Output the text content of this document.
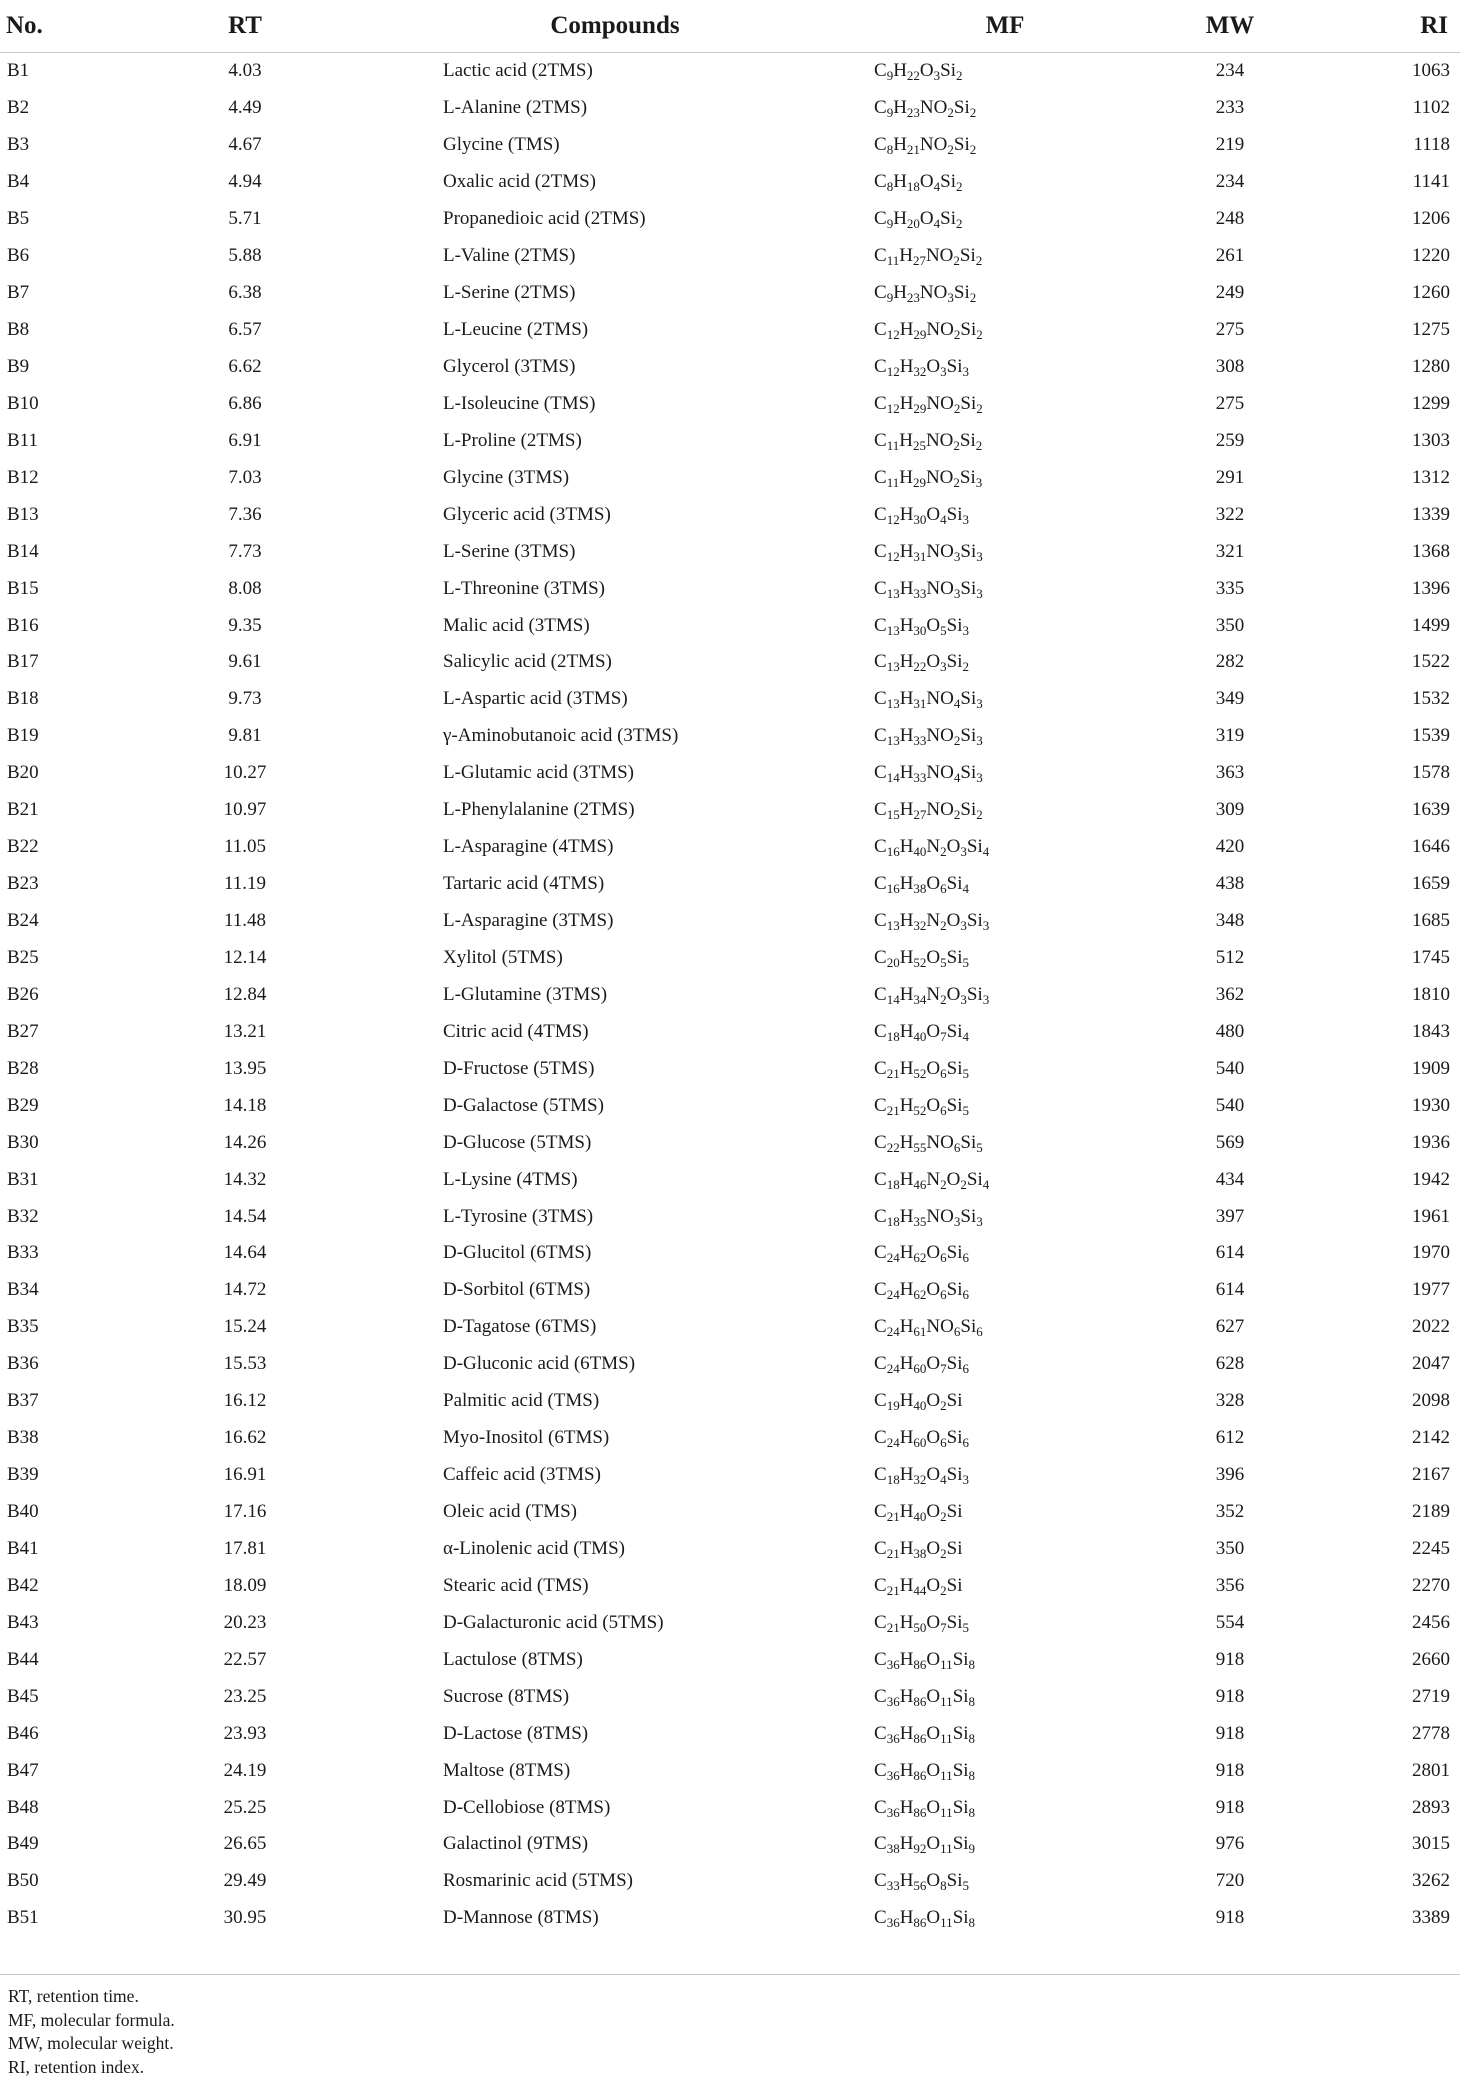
No.	RT	Compounds	MF	MW	RI
B1	4.03	Lactic acid (2TMS)	$C_9H_{22}O_3Si_2$	234	1063
B2	4.49	L-Alanine (2TMS)	$C_9H_{23}NO_2Si_2$	233	1102
B3	4.67	Glycine (TMS)	$C_8H_{21}NO_2Si_2$	219	1118
B4	4.94	Oxalic acid (2TMS)	$C_8H_{18}O_4Si_2$	234	1141
B5	5.71	Propanedioic acid (2TMS)	$C_9H_{20}O_4Si_2$	248	1206
B6	5.88	L-Valine (2TMS)	$C_{11}H_{27}NO_2Si_2$	261	1220
B7	6.38	L-Serine (2TMS)	$C_9H_{23}NO_3Si_2$	249	1260
B8	6.57	L-Leucine (2TMS)	$C_{12}H_{29}NO_2Si_2$	275	1275
B9	6.62	Glycerol (3TMS)	$C_{12}H_{32}O_3Si_3$	308	1280
B10	6.86	L-Isoleucine (TMS)	$C_{12}H_{29}NO_2Si_2$	275	1299
B11	6.91	L-Proline (2TMS)	$C_{11}H_{25}NO_2Si_2$	259	1303
B12	7.03	Glycine (3TMS)	$C_{11}H_{29}NO_2Si_3$	291	1312
B13	7.36	Glyceric acid (3TMS)	$C_{12}H_{30}O_4Si_3$	322	1339
B14	7.73	L-Serine (3TMS)	$C_{12}H_{31}NO_3Si_3$	321	1368
B15	8.08	L-Threonine (3TMS)	$C_{13}H_{33}NO_3Si_3$	335	1396
B16	9.35	Malic acid (3TMS)	$C_{13}H_{30}O_5Si_3$	350	1499
B17	9.61	Salicylic acid (2TMS)	$C_{13}H_{22}O_3Si_2$	282	1522
B18	9.73	L-Aspartic acid (3TMS)	$C_{13}H_{31}NO_4Si_3$	349	1532
B19	9.81	γ-Aminobutanoic acid (3TMS)	$C_{13}H_{33}NO_2Si_3$	319	1539
B20	10.27	L-Glutamic acid (3TMS)	$C_{14}H_{33}NO_4Si_3$	363	1578
B21	10.97	L-Phenylalanine (2TMS)	$C_{15}H_{27}NO_2Si_2$	309	1639
B22	11.05	L-Asparagine (4TMS)	$C_{16}H_{40}N_2O_3Si_4$	420	1646
B23	11.19	Tartaric acid (4TMS)	$C_{16}H_{38}O_6Si_4$	438	1659
B24	11.48	L-Asparagine (3TMS)	$C_{13}H_{32}N_2O_3Si_3$	348	1685
B25	12.14	Xylitol (5TMS)	$C_{20}H_{52}O_5Si_5$	512	1745
B26	12.84	L-Glutamine (3TMS)	$C_{14}H_{34}N_2O_3Si_3$	362	1810
B27	13.21	Citric acid (4TMS)	$C_{18}H_{40}O_7Si_4$	480	1843
B28	13.95	D-Fructose (5TMS)	$C_{21}H_{52}O_6Si_5$	540	1909
B29	14.18	D-Galactose (5TMS)	$C_{21}H_{52}O_6Si_5$	540	1930
B30	14.26	D-Glucose (5TMS)	$C_{22}H_{55}NO_6Si_5$	569	1936
B31	14.32	L-Lysine (4TMS)	$C_{18}H_{46}N_2O_2Si_4$	434	1942
B32	14.54	L-Tyrosine (3TMS)	$C_{18}H_{35}NO_3Si_3$	397	1961
B33	14.64	D-Glucitol (6TMS)	$C_{24}H_{62}O_6Si_6$	614	1970
B34	14.72	D-Sorbitol (6TMS)	$C_{24}H_{62}O_6Si_6$	614	1977
B35	15.24	D-Tagatose (6TMS)	$C_{24}H_{61}NO_6Si_6$	627	2022
B36	15.53	D-Gluconic acid (6TMS)	$C_{24}H_{60}O_7Si_6$	628	2047
B37	16.12	Palmitic acid (TMS)	$C_{19}H_{40}O_2Si$	328	2098
B38	16.62	Myo-Inositol (6TMS)	$C_{24}H_{60}O_6Si_6$	612	2142
B39	16.91	Caffeic acid (3TMS)	$C_{18}H_{32}O_4Si_3$	396	2167
B40	17.16	Oleic acid (TMS)	$C_{21}H_{40}O_2Si$	352	2189
B41	17.81	α-Linolenic acid (TMS)	$C_{21}H_{38}O_2Si$	350	2245
B42	18.09	Stearic acid (TMS)	$C_{21}H_{44}O_2Si$	356	2270
B43	20.23	D-Galacturonic acid (5TMS)	$C_{21}H_{50}O_7Si_5$	554	2456
B44	22.57	Lactulose (8TMS)	$C_{36}H_{86}O_{11}Si_8$	918	2660
B45	23.25	Sucrose (8TMS)	$C_{36}H_{86}O_{11}Si_8$	918	2719
B46	23.93	D-Lactose (8TMS)	$C_{36}H_{86}O_{11}Si_8$	918	2778
B47	24.19	Maltose (8TMS)	$C_{36}H_{86}O_{11}Si_8$	918	2801
B48	25.25	D-Cellobiose (8TMS)	$C_{36}H_{86}O_{11}Si_8$	918	2893
B49	26.65	Galactinol (9TMS)	$C_{38}H_{92}O_{11}Si_9$	976	3015
B50	29.49	Rosmarinic acid (5TMS)	$C_{33}H_{56}O_8Si_5$	720	3262
B51	30.95	D-Mannose (8TMS)	$C_{36}H_{86}O_{11}Si_8$	918	3389
RT, retention time.
MF, molecular formula.
MW, molecular weight.
RI, retention index.
